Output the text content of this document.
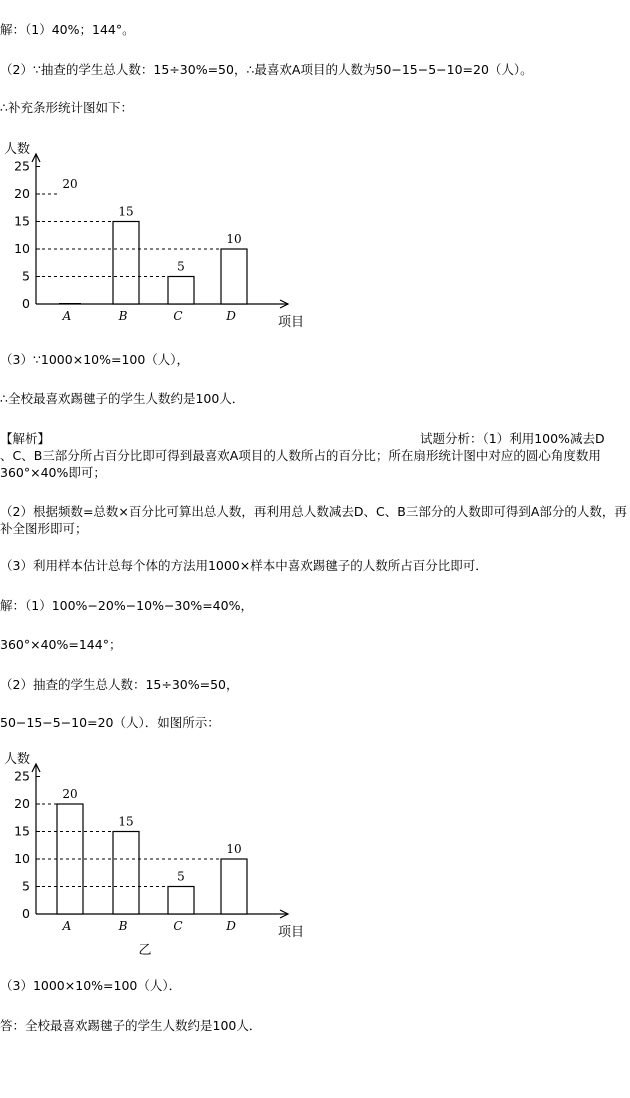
解：（1）40%；144°。
（2）∵抽查的学生总人数：15÷30%=50，∴最喜欢A项目的人数为50−15−5−10=20（人）。
∴补充条形统计图如下：
0
5
10
15
20
25
人数
项目
20
A
15
B
5
C
10
D
（3）∵1000×10%=100（人），
∴全校最喜欢踢毽子的学生人数约是100人．
【解析】	试题分析：（1）利用100%减去D
、C、B三部分所占百分比即可得到最喜欢A项目的人数所占的百分比；所在扇形统计图中对应的圆心角度数用360°×40%即可；
（2）根据频数=总数×百分比可算出总人数，再利用总人数减去D、C、B三部分的人数即可得到A部分的人数，再补全图形即可；
（3）利用样本估计总每个体的方法用1000×样本中喜欢踢毽子的人数所占百分比即可．
解：（1）100%−20%−10%−30%=40%，
360°×40%=144°；
（2）抽查的学生总人数：15÷30%=50，
50−15−5−10=20（人）．如图所示：
0
5
10
15
20
25
人数
项目
20
A
15
B
5
C
10
D
乙
（3）1000×10%=100（人）．
答：全校最喜欢踢毽子的学生人数约是100人．
